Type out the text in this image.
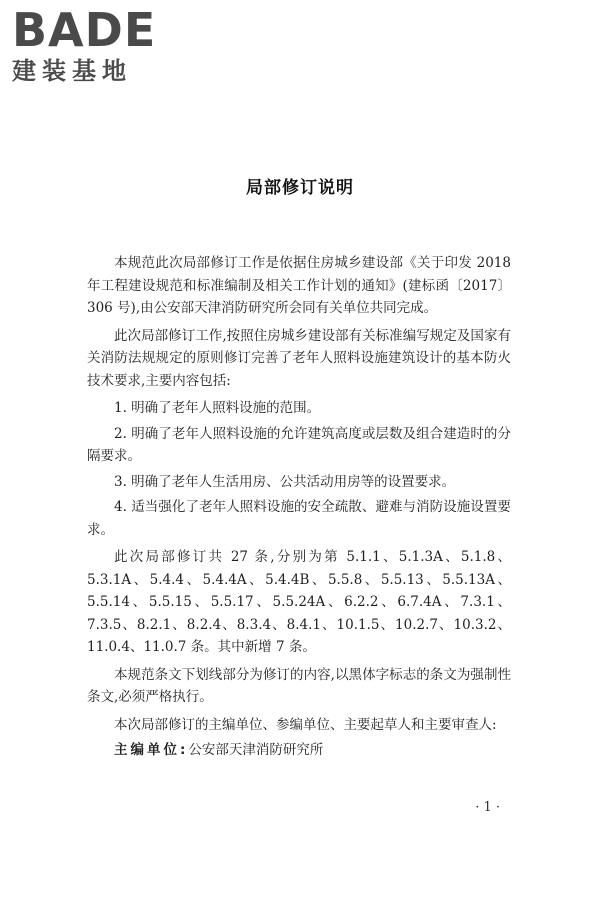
BADE
建装基地
局部修订说明

本规范此次局部修订工作是依据住房城乡建设部《关于印发 2018 年工程建设规范和标准编制及相关工作计划的通知》(建标函〔2017〕306 号),由公安部天津消防研究所会同有关单位共同完成。

此次局部修订工作,按照住房城乡建设部有关标准编写规定及国家有关消防法规规定的原则修订完善了老年人照料设施建筑设计的基本防火技术要求,主要内容包括:

1. 明确了老年人照料设施的范围。

2. 明确了老年人照料设施的允许建筑高度或层数及组合建造时的分隔要求。

3. 明确了老年人生活用房、公共活动用房等的设置要求。

4. 适当强化了老年人照料设施的安全疏散、避难与消防设施设置要求。

此次局部修订共 27 条,分别为第 5.1.1、5.1.3A、5.1.8、5.3.1A、5.4.4、5.4.4A、5.4.4B、5.5.8、5.5.13、5.5.13A、5.5.14、5.5.15、5.5.17、5.5.24A、6.2.2、6.7.4A、7.3.1、7.3.5、8.2.1、8.2.4、8.3.4、8.4.1、10.1.5、10.2.7、10.3.2、11.0.4、11.0.7 条。其中新增 7 条。

本规范条文下划线部分为修订的内容,以黑体字标志的条文为强制性条文,必须严格执行。

本次局部修订的主编单位、参编单位、主要起草人和主要审查人:

主编单位:公安部天津消防研究所

· 1 ·
